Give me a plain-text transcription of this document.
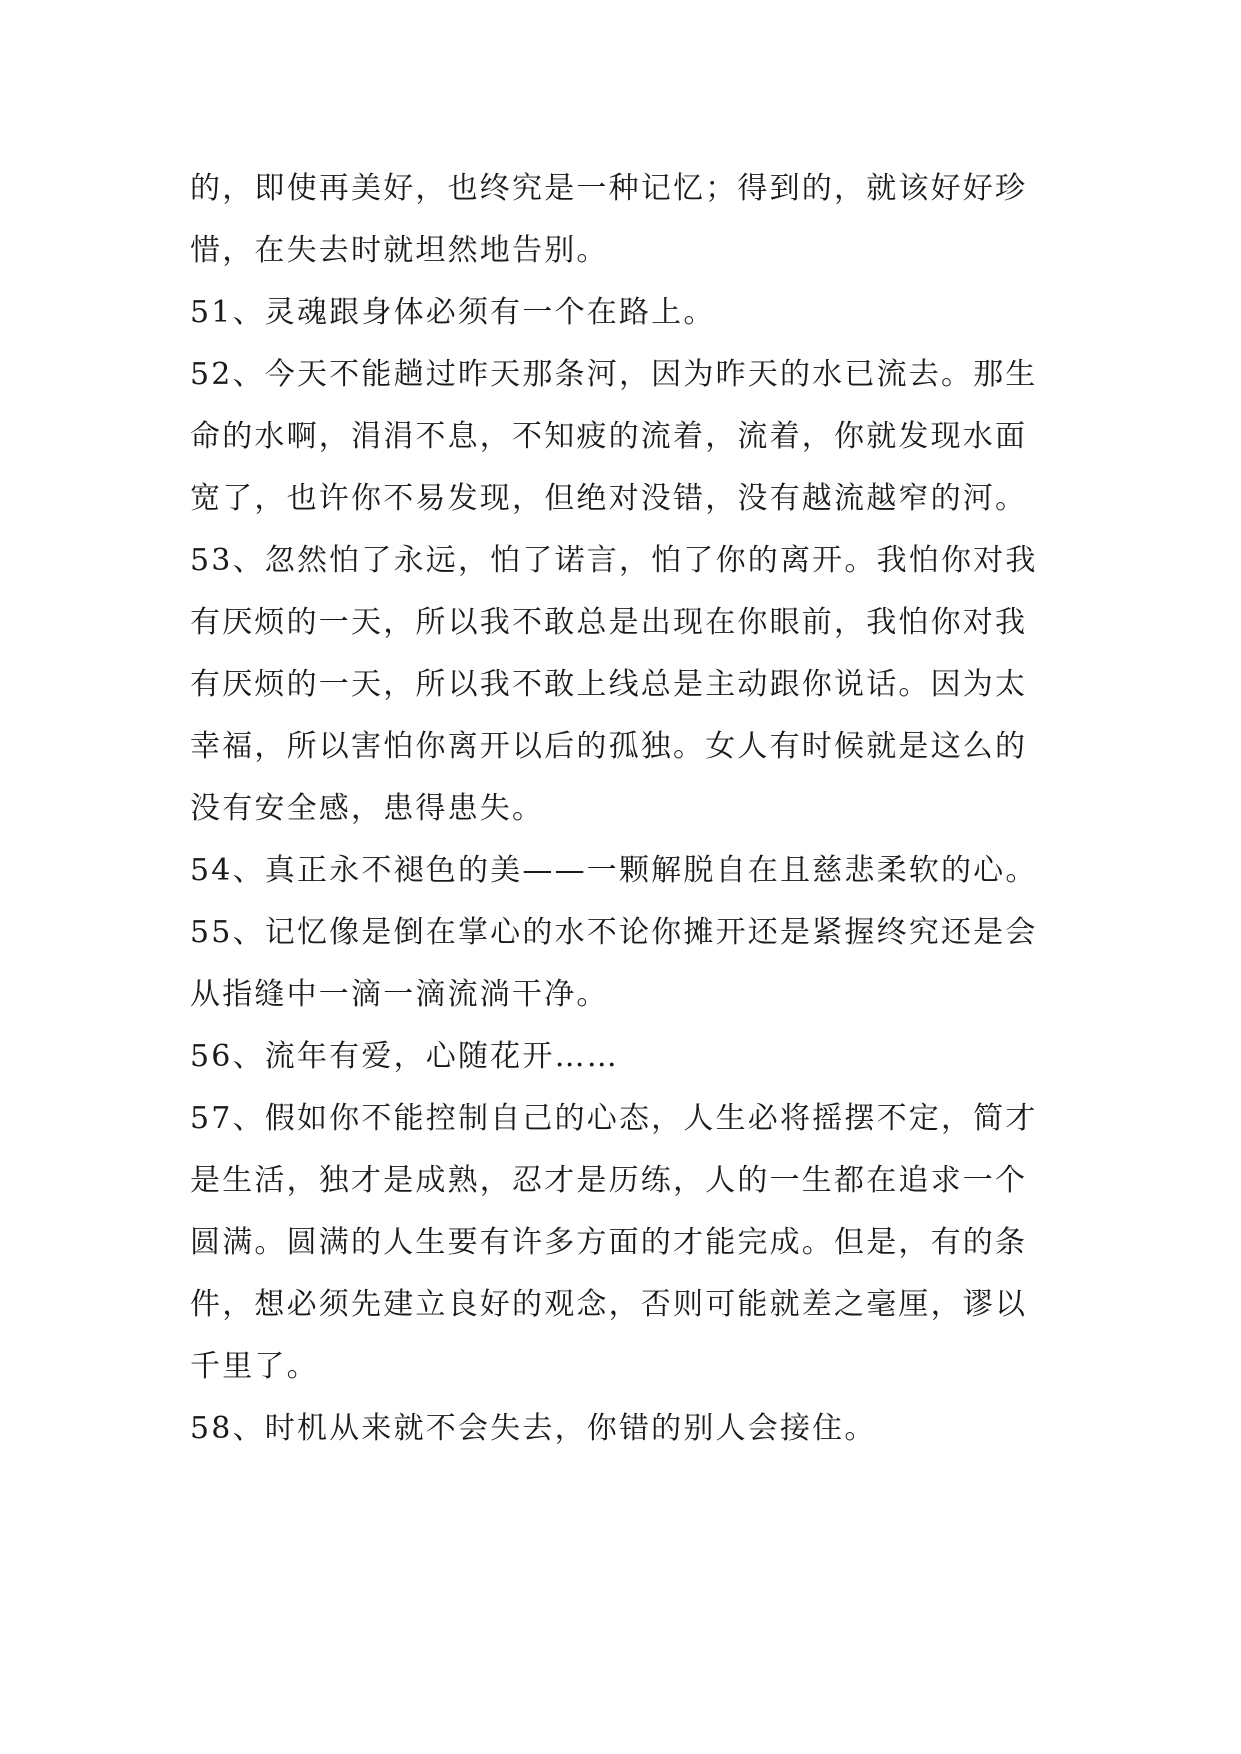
的，即使再美好，也终究是一种记忆；得到的，就该好好珍
惜，在失去时就坦然地告别。
51、灵魂跟身体必须有一个在路上。
52、今天不能趟过昨天那条河，因为昨天的水已流去。那生
命的水啊，涓涓不息，不知疲的流着，流着，你就发现水面
宽了，也许你不易发现，但绝对没错，没有越流越窄的河。
53、忽然怕了永远，怕了诺言，怕了你的离开。我怕你对我
有厌烦的一天，所以我不敢总是出现在你眼前，我怕你对我
有厌烦的一天，所以我不敢上线总是主动跟你说话。因为太
幸福，所以害怕你离开以后的孤独。女人有时候就是这么的
没有安全感，患得患失。
54、真正永不褪色的美——一颗解脱自在且慈悲柔软的心。
55、记忆像是倒在掌心的水不论你摊开还是紧握终究还是会
从指缝中一滴一滴流淌干净。
56、流年有爱，心随花开……
57、假如你不能控制自己的心态，人生必将摇摆不定，简才
是生活，独才是成熟，忍才是历练，人的一生都在追求一个
圆满。圆满的人生要有许多方面的才能完成。但是，有的条
件，想必须先建立良好的观念，否则可能就差之毫厘，谬以
千里了。
58、时机从来就不会失去，你错的别人会接住。
